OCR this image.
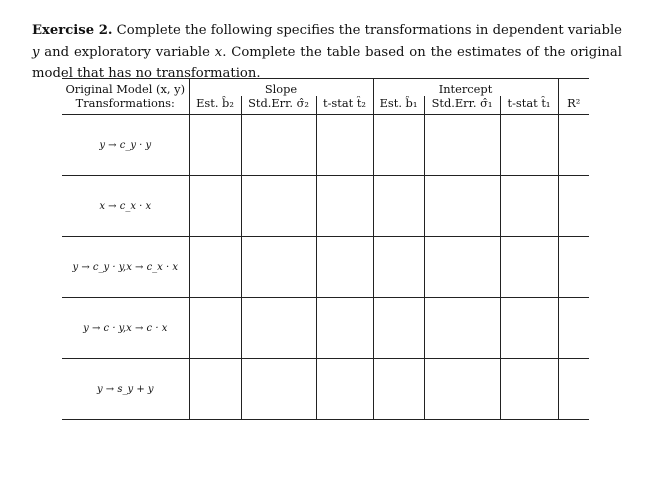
Exercise 2. Complete the following specifies the transformations in dependent variable y and exploratory variable x. Complete the table based on the estimates of the original model that has no transformation.

Original Model (x, y)	Slope			Intercept			
Transformations:	Est. b̂₂	Std.Err. σ̂₂	t-stat t̂₂	Est. b̂₁	Std.Err. σ̂₁	t-stat t̂₁	R²
y → c_y · y							
x → c_x · x							
y → c_y · y,x → c_x · x							
y → c · y,x → c · x							
y → s_y + y							
